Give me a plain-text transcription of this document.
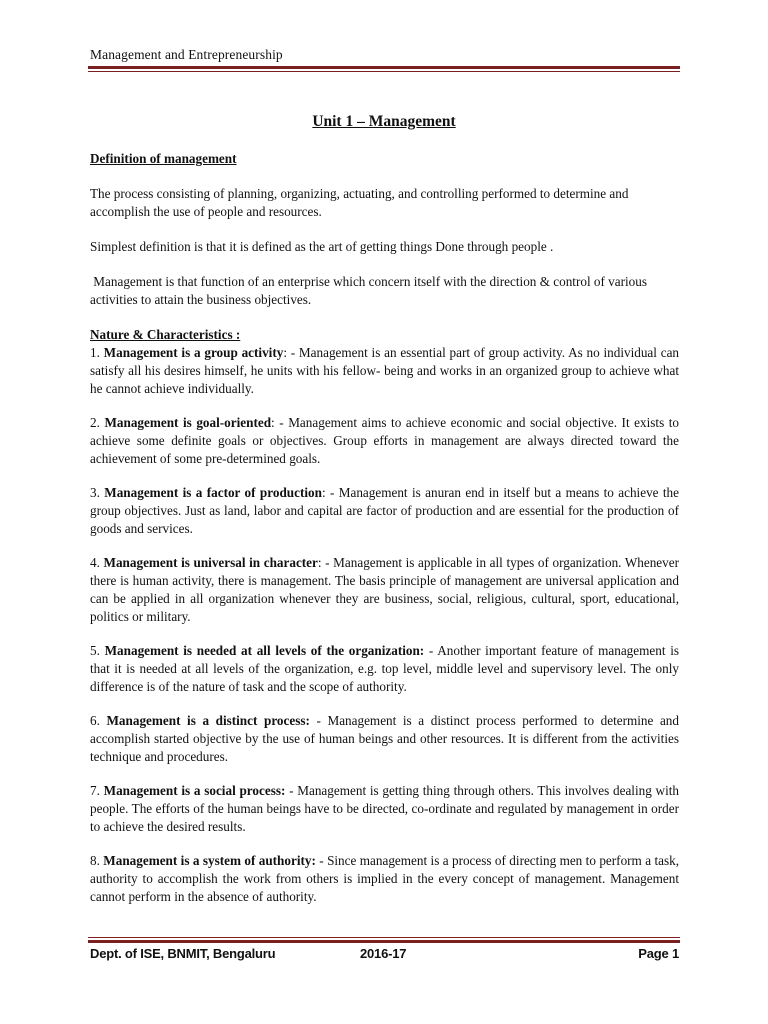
Management and Entrepreneurship
Unit 1 – Management

Definition of management

The process consisting of planning, organizing, actuating, and controlling performed to determine and accomplish the use of people and resources.

Simplest definition is that it is defined as the art of getting things Done through people .

Management is that function of an enterprise which concern itself with the direction & control of various activities to attain the business objectives.

Nature & Characteristics :

1. Management is a group activity: - Management is an essential part of group activity. As no individual can satisfy all his desires himself, he units with his fellow- being and works in an organized group to achieve what he cannot achieve individually.

2. Management is goal-oriented: - Management aims to achieve economic and social objective. It exists to achieve some definite goals or objectives. Group efforts in management are always directed toward the achievement of some pre-determined goals.

3. Management is a factor of production: - Management is anuran end in itself but a means to achieve the group objectives. Just as land, labor and capital are factor of production and are essential for the production of goods and services.

4. Management is universal in character: - Management is applicable in all types of organization. Whenever there is human activity, there is management. The basis principle of management are universal application and can be applied in all organization whenever they are business, social, religious, cultural, sport, educational, politics or military.

5. Management is needed at all levels of the organization: - Another important feature of management is that it is needed at all levels of the organization, e.g. top level, middle level and supervisory level. The only difference is of the nature of task and the scope of authority.

6. Management is a distinct process: - Management is a distinct process performed to determine and accomplish started objective by the use of human beings and other resources. It is different from the activities technique and procedures.

7. Management is a social process: - Management is getting thing through others. This involves dealing with people. The efforts of the human beings have to be directed, co-ordinate and regulated by management in order to achieve the desired results.

8. Management is a system of authority: - Since management is a process of directing men to perform a task, authority to accomplish the work from others is implied in the every concept of management. Management cannot perform in the absence of authority.

Dept. of ISE, BNMIT, Bengaluru	2016-17	Page 1
